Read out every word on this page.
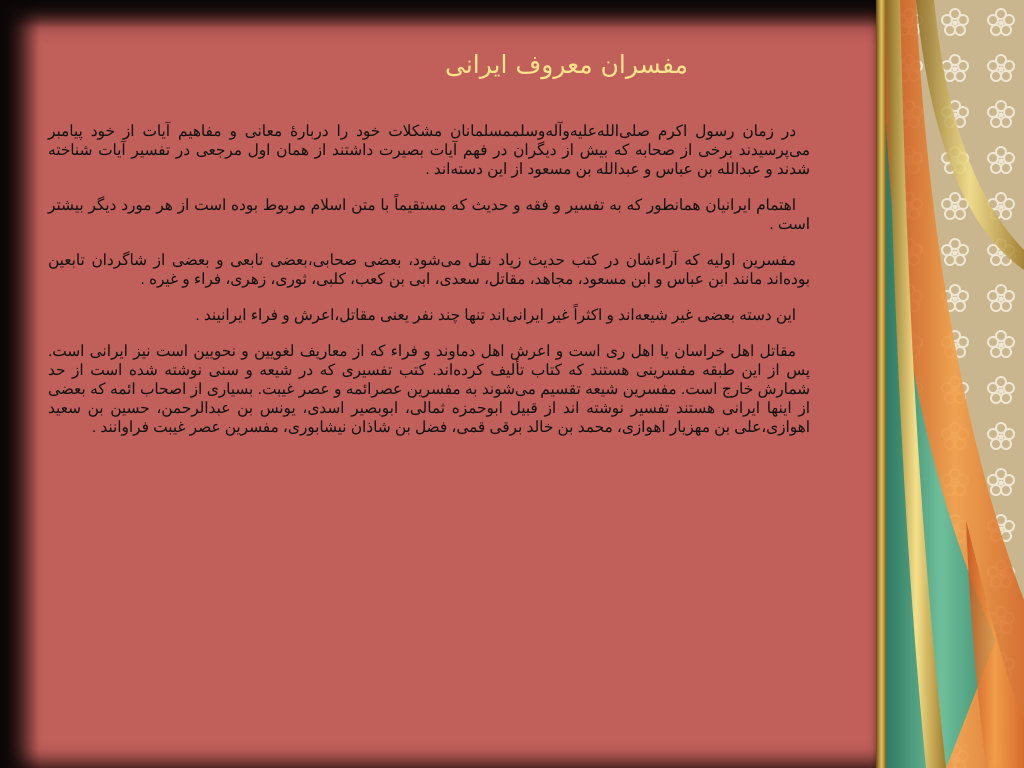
مفسران معروف ایرانی

در زمان رسول اکرم صلی‌الله‌علیه‌وآله‌وسلممسلمانان مشکلات خود را دربارهٔ معانی و مفاهیم آیات از خود پیامبر می‌پرسیدند برخی از صحابه که بیش از دیگران در فهم آیات بصیرت داشتند از همان اول مرجعی در تفسیر آیات شناخته شدند و عبدالله بن عباس و عبدالله بن مسعود از این دسته‌اند .

اهتمام ایرانیان همانطور که به تفسیر و فقه و حدیث که مستقیماً با متن اسلام مربوط بوده است از هر مورد دیگر بیشتر است .

مفسرین اولیه که آراءشان در کتب حدیث زیاد نقل می‌شود، بعضی صحابی،بعضی تابعی و بعضی از شاگردان تابعین بوده‌اند مانند ابن عباس و ابن مسعود، مجاهد، مقاتل، سعدی، ابی بن کعب، کلبی، ثوری، زهری، فراء و غیره .

این دسته بعضی غیر شیعه‌اند و اکثراً غیر ایرانی‌اند تنها چند نفر یعنی مقاتل،اعرش و فراء ایرانیند .

مقاتل اهل خراسان یا اهل ری است و اعرش اهل دماوند و فراء که از معاریف لغویین و نحویین است نیز ایرانی است. پس از این طبقه مفسرینی هستند که کتاب تألیف کرده‌اند. کتب تفسیری که در شیعه و سنی نوشته شده است از حد شمارش خارج است. مفسرین شیعه تقسیم می‌شوند به مفسرین عصرائمه و عصر غیبت. بسیاری از اصحاب ائمه که بعضی از اینها ایرانی هستند تفسیر نوشته اند از قبیل ابوحمزه ثمالی، ابوبصیر اسدی، یونس بن عبدالرحمن، حسین بن سعید اهوازی،علی بن مهزیار اهوازی، محمد بن خالد برقی قمی، فضل بن شاذان نیشابوری، مفسرین عصر غیبت فراوانند .
